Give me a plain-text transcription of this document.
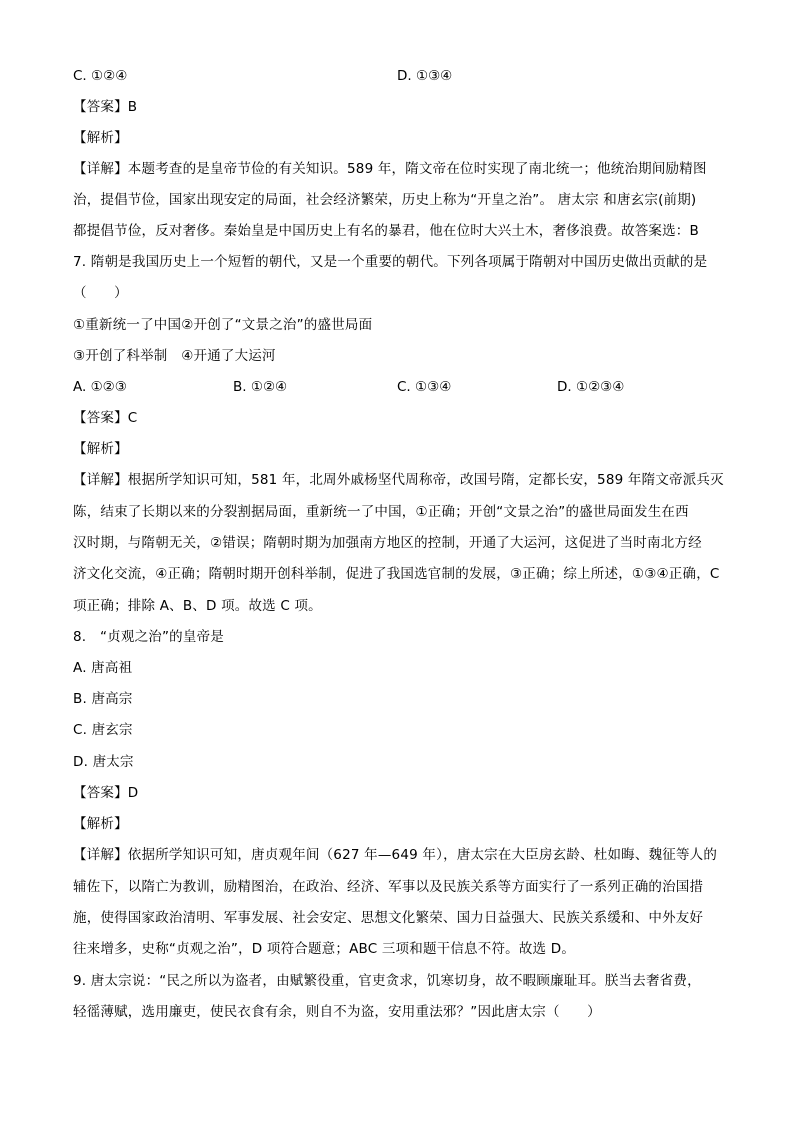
C. ①②④	D. ①③④
【答案】B
【解析】
【详解】本题考查的是皇帝节俭的有关知识。589 年，隋文帝在位时实现了南北统一；他统治期间励精图
治，提倡节俭，国家出现安定的局面，社会经济繁荣，历史上称为“开皇之治”。 唐太宗 和唐玄宗(前期)
都提倡节俭，反对奢侈。秦始皇是中国历史上有名的暴君，他在位时大兴土木，奢侈浪费。故答案选：B
7. 隋朝是我国历史上一个短暂的朝代，又是一个重要的朝代。下列各项属于隋朝对中国历史做出贡献的是
（　　）
①重新统一了中国②开创了“文景之治”的盛世局面
③开创了科举制　④开通了大运河
A. ①②③	B. ①②④	C. ①③④	D. ①②③④
【答案】C
【解析】
【详解】根据所学知识可知，581 年，北周外戚杨坚代周称帝，改国号隋，定都长安，589 年隋文帝派兵灭
陈，结束了长期以来的分裂割据局面，重新统一了中国，①正确；开创“文景之治”的盛世局面发生在西
汉时期，与隋朝无关，②错误；隋朝时期为加强南方地区的控制，开通了大运河，这促进了当时南北方经
济文化交流，④正确；隋朝时期开创科举制，促进了我国选官制的发展，③正确；综上所述，①③④正确，C
项正确；排除 A、B、D 项。故选 C 项。
8.　“贞观之治”的皇帝是
A. 唐高祖
B. 唐高宗
C. 唐玄宗
D. 唐太宗
【答案】D
【解析】
【详解】依据所学知识可知，唐贞观年间（627 年—649 年），唐太宗在大臣房玄龄、杜如晦、魏征等人的
辅佐下，以隋亡为教训，励精图治，在政治、经济、军事以及民族关系等方面实行了一系列正确的治国措
施，使得国家政治清明、军事发展、社会安定、思想文化繁荣、国力日益强大、民族关系缓和、中外友好
往来增多，史称“贞观之治”，D 项符合题意；ABC 三项和题干信息不符。故选 D。
9. 唐太宗说：“民之所以为盗者，由赋繁役重，官吏贪求，饥寒切身，故不暇顾廉耻耳。朕当去奢省费，
轻徭薄赋，选用廉吏，使民衣食有余，则自不为盗，安用重法邪？”因此唐太宗（　　）
